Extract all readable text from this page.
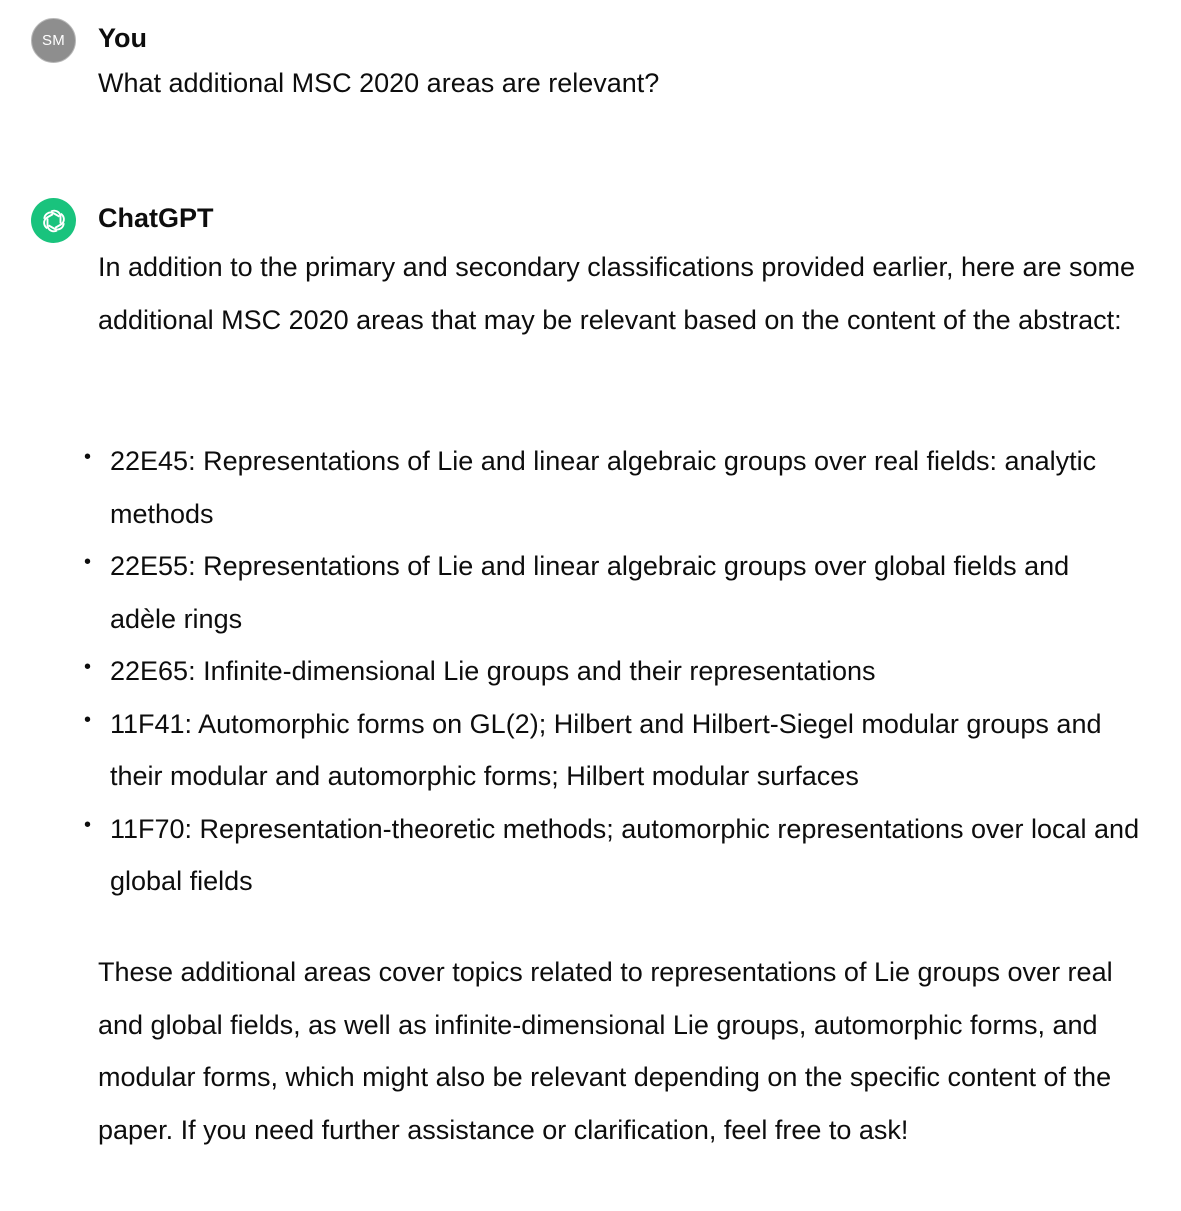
SM You
What additional MSC 2020 areas are relevant?
ChatGPT

In addition to the primary and secondary classifications provided earlier, here are some additional MSC 2020 areas that may be relevant based on the content of the abstract:

• 22E45: Representations of Lie and linear algebraic groups over real fields: analytic methods
• 22E55: Representations of Lie and linear algebraic groups over global fields and adèle rings
• 22E65: Infinite-dimensional Lie groups and their representations
• 11F41: Automorphic forms on GL(2); Hilbert and Hilbert-Siegel modular groups and their modular and automorphic forms; Hilbert modular surfaces
• 11F70: Representation-theoretic methods; automorphic representations over local and global fields

These additional areas cover topics related to representations of Lie groups over real and global fields, as well as infinite-dimensional Lie groups, automorphic forms, and modular forms, which might also be relevant depending on the specific content of the paper. If you need further assistance or clarification, feel free to ask!
